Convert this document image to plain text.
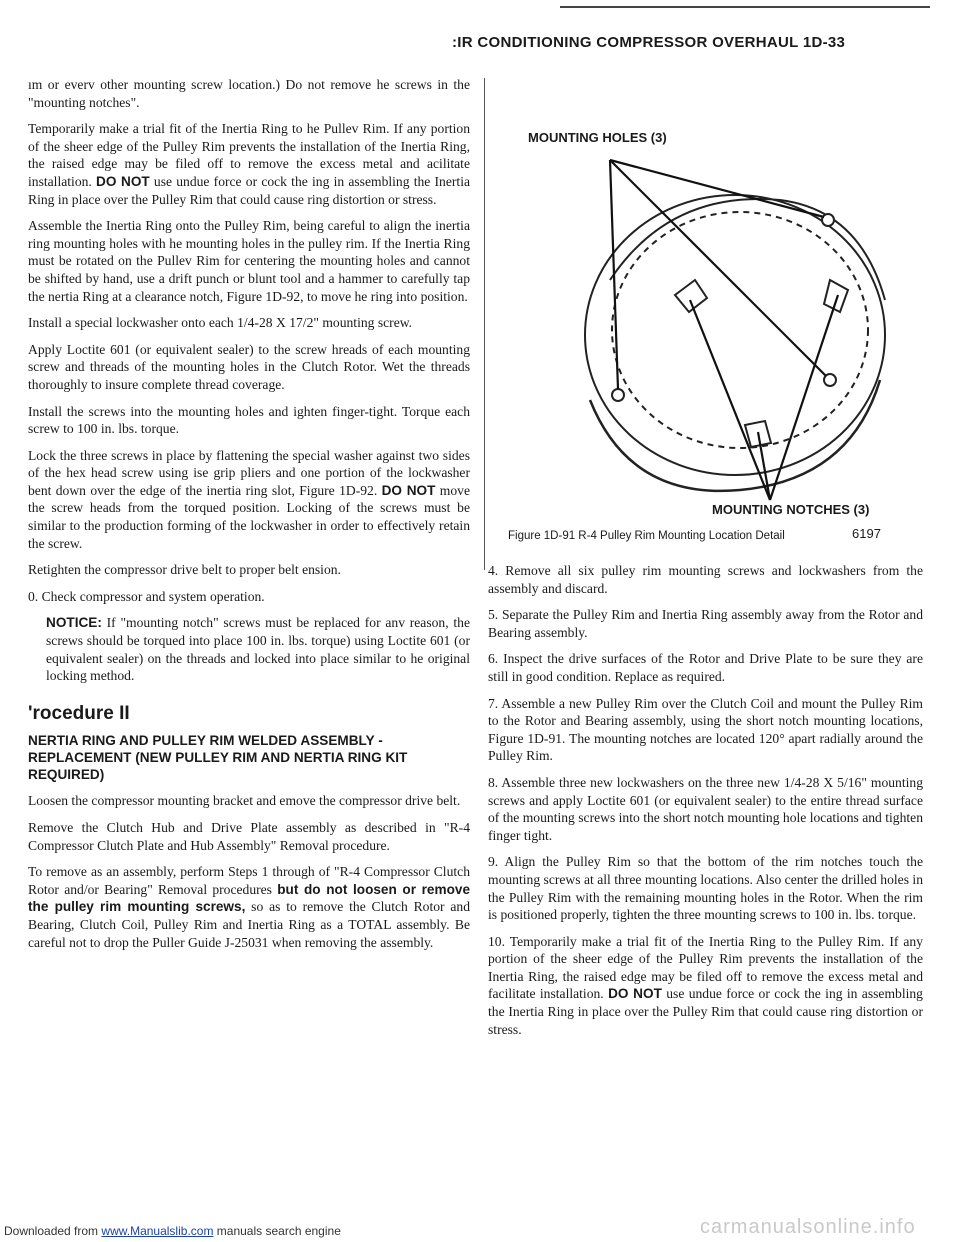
:IR CONDITIONING COMPRESSOR OVERHAUL 1D-33

ım or everv other mounting screw location.) Do not remove he screws in the "mounting notches".

Temporarily make a trial fit of the Inertia Ring to he Pullev Rim. If any portion of the sheer edge of the Pulley Rim prevents the installation of the Inertia Ring, the raised edge may be filed off to remove the excess metal and acilitate installation. DO NOT use undue force or cock the ing in assembling the Inertia Ring in place over the Pulley Rim that could cause ring distortion or stress.

Assemble the Inertia Ring onto the Pulley Rim, being careful to align the inertia ring mounting holes with he mounting holes in the pulley rim. If the Inertia Ring must be rotated on the Pullev Rim for centering the mounting holes and cannot be shifted by hand, use a drift punch or blunt tool and a hammer to carefully tap the nertia Ring at a clearance notch, Figure 1D-92, to move he ring into position.

Install a special lockwasher onto each 1/4-28 X 17/2" mounting screw.

Apply Loctite 601 (or equivalent sealer) to the screw hreads of each mounting screw and threads of the mounting holes in the Clutch Rotor. Wet the threads thoroughly to insure complete thread coverage.

Install the screws into the mounting holes and ighten finger-tight. Torque each screw to 100 in. lbs. torque.

Lock the three screws in place by flattening the special washer against two sides of the hex head screw using ise grip pliers and one portion of the lockwasher bent down over the edge of the inertia ring slot, Figure 1D-92. DO NOT move the screw heads from the torqued position. Locking of the screws must be similar to the production forming of the lockwasher in order to effectively retain the screw.

Retighten the compressor drive belt to proper belt ension.

0. Check compressor and system operation.

NOTICE: If "mounting notch" screws must be replaced for anv reason, the screws should be torqued into place 100 in. lbs. torque) using Loctite 601 (or equivalent sealer) on the threads and locked into place similar to he original locking method.

'rocedure II
NERTIA RING AND PULLEY RIM WELDED ASSEMBLY - REPLACEMENT (NEW PULLEY RIM AND NERTIA RING KIT REQUIRED)

Loosen the compressor mounting bracket and emove the compressor drive belt.

Remove the Clutch Hub and Drive Plate assembly as described in "R-4 Compressor Clutch Plate and Hub Assembly" Removal procedure.

To remove as an assembly, perform Steps 1 through of "R-4 Compressor Clutch Rotor and/or Bearing" Removal procedures but do not loosen or remove the pulley rim mounting screws, so as to remove the Clutch Rotor and Bearing, Clutch Coil, Pulley Rim and Inertia Ring as a TOTAL assembly. Be careful not to drop the Puller Guide J-25031 when removing the assembly.

MOUNTING HOLES (3)
MOUNTING NOTCHES (3)
6197
Figure 1D-91 R-4 Pulley Rim Mounting Location Detail

4. Remove all six pulley rim mounting screws and lockwashers from the assembly and discard.

5. Separate the Pulley Rim and Inertia Ring assembly away from the Rotor and Bearing assembly.

6. Inspect the drive surfaces of the Rotor and Drive Plate to be sure they are still in good condition. Replace as required.

7. Assemble a new Pulley Rim over the Clutch Coil and mount the Pulley Rim to the Rotor and Bearing assembly, using the short notch mounting locations, Figure 1D-91. The mounting notches are located 120° apart radially around the Pulley Rim.

8. Assemble three new lockwashers on the three new 1/4-28 X 5/16" mounting screws and apply Loctite 601 (or equivalent sealer) to the entire thread surface of the mounting screws into the short notch mounting hole locations and tighten finger tight.

9. Align the Pulley Rim so that the bottom of the rim notches touch the mounting screws at all three mounting locations. Also center the drilled holes in the Pulley Rim with the remaining mounting holes in the Rotor. When the rim is positioned properly, tighten the three mounting screws to 100 in. lbs. torque.

10. Temporarily make a trial fit of the Inertia Ring to the Pulley Rim. If any portion of the sheer edge of the Pulley Rim prevents the installation of the Inertia Ring, the raised edge may be filed off to remove the excess metal and facilitate installation. DO NOT use undue force or cock the ing in assembling the Inertia Ring in place over the Pulley Rim that could cause ring distortion or stress.

Downloaded from www.Manualslib.com manuals search engine	carmanualsonline.info
